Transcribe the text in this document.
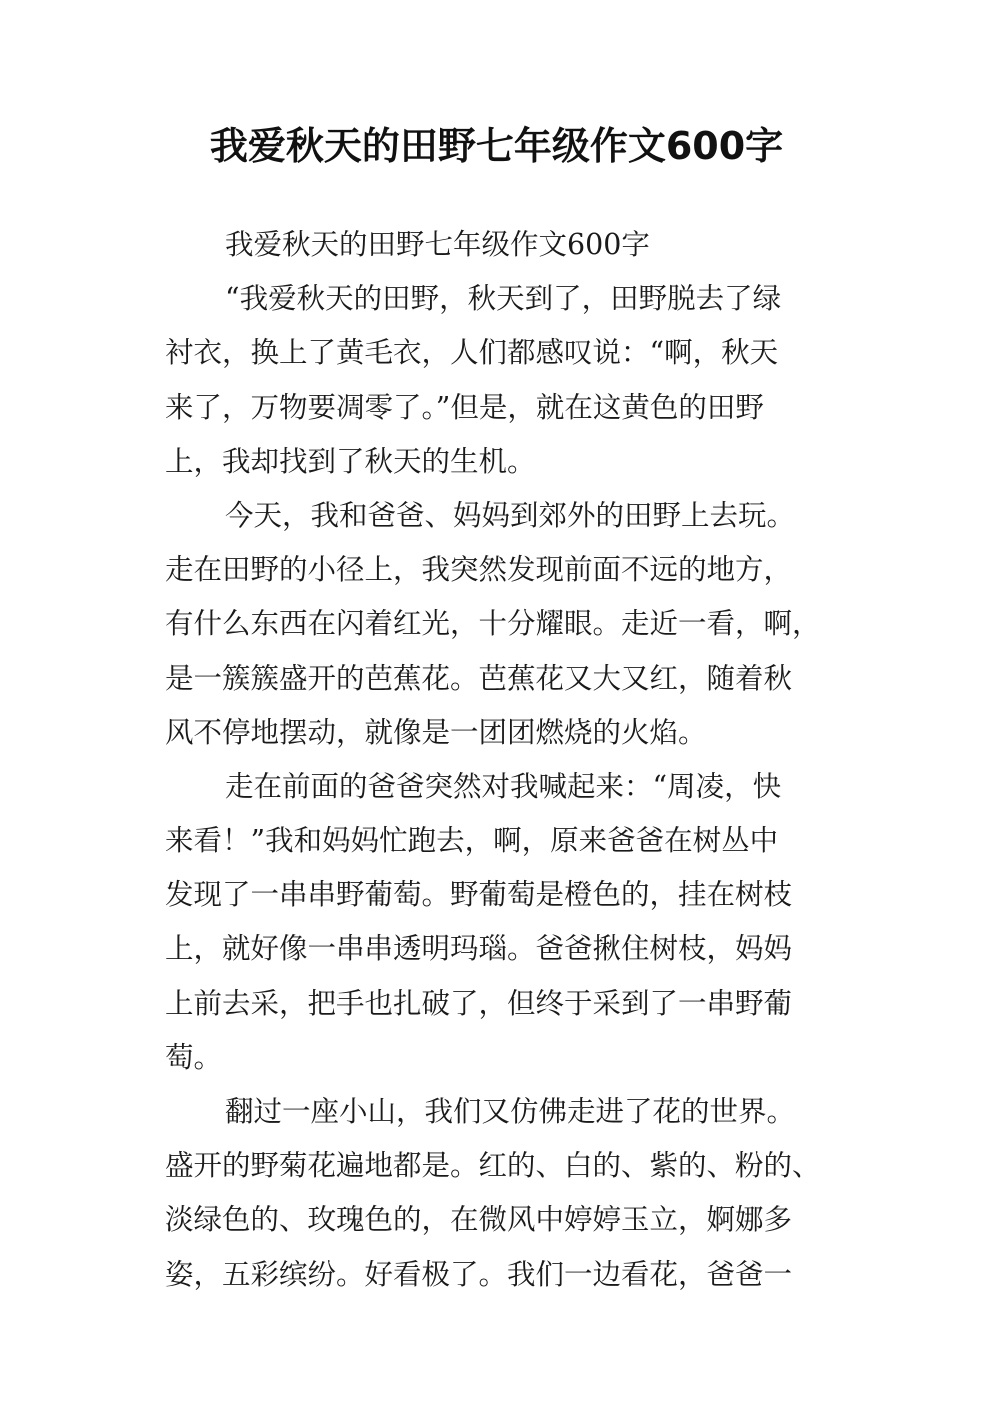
我爱秋天的田野七年级作文600字

我爱秋天的田野七年级作文600字

“我爱秋天的田野，秋天到了，田野脱去了绿

衬衣，换上了黄毛衣，人们都感叹说：“啊，秋天

来了，万物要凋零了。”但是，就在这黄色的田野

上，我却找到了秋天的生机。

今天，我和爸爸、妈妈到郊外的田野上去玩。

走在田野的小径上，我突然发现前面不远的地方，

有什么东西在闪着红光，十分耀眼。走近一看，啊，

是一簇簇盛开的芭蕉花。芭蕉花又大又红，随着秋

风不停地摆动，就像是一团团燃烧的火焰。

走在前面的爸爸突然对我喊起来：“周凌，快

来看！”我和妈妈忙跑去，啊，原来爸爸在树丛中

发现了一串串野葡萄。野葡萄是橙色的，挂在树枝

上，就好像一串串透明玛瑙。爸爸揪住树枝，妈妈

上前去采，把手也扎破了，但终于采到了一串野葡

萄。

翻过一座小山，我们又仿佛走进了花的世界。

盛开的野菊花遍地都是。红的、白的、紫的、粉的、

淡绿色的、玫瑰色的，在微风中婷婷玉立，婀娜多

姿，五彩缤纷。好看极了。我们一边看花，爸爸一
